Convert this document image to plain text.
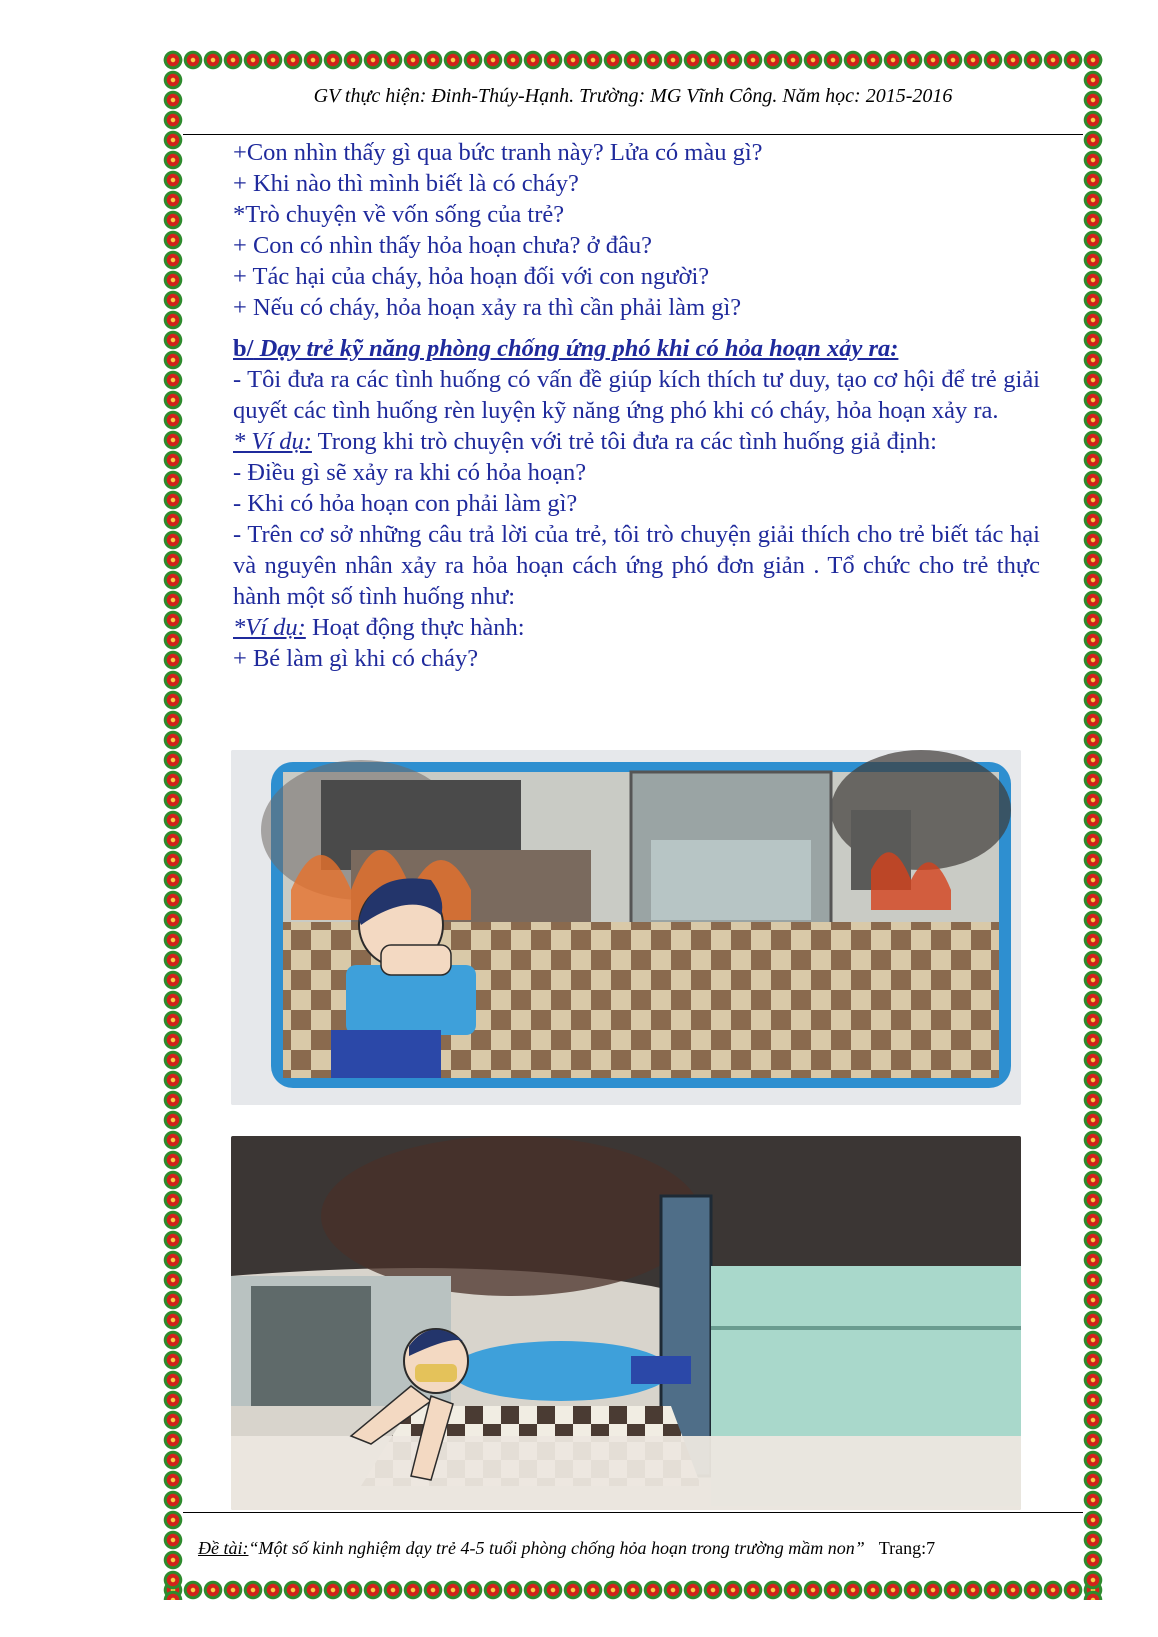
GV thực hiện: Đinh-Thúy-Hạnh. Trường: MG Vĩnh Công. Năm học: 2015-2016

+Con nhìn thấy gì qua bức tranh này? Lửa có màu gì?

+ Khi nào thì mình biết là có cháy?

*Trò chuyện về vốn sống của trẻ?

+ Con có nhìn thấy hỏa hoạn chưa? ở đâu?

+ Tác hại của cháy, hỏa hoạn đối với con người?

+ Nếu có cháy, hỏa hoạn xảy ra thì cần phải làm gì?

b/ Dạy trẻ kỹ năng phòng chống ứng phó khi có hỏa hoạn xảy ra:

- Tôi đưa ra các tình huống có vấn đề giúp kích thích tư duy, tạo cơ hội để trẻ giải quyết các tình huống rèn luyện kỹ năng ứng phó khi có cháy, hỏa hoạn xảy ra.

* Ví dụ: Trong khi trò chuyện với trẻ tôi đưa ra các tình huống giả định:

- Điều gì sẽ xảy ra khi có hỏa hoạn?

- Khi có hỏa hoạn con phải làm gì?

- Trên cơ sở những câu trả lời của trẻ, tôi trò chuyện giải thích cho trẻ biết tác hại và nguyên nhân xảy ra hỏa hoạn cách ứng phó đơn giản . Tổ chức cho trẻ thực hành một số tình huống như:

*Ví dụ: Hoạt động thực hành:

+ Bé làm gì khi có cháy?

Đề tài:“Một số kinh nghiệm dạy trẻ 4-5 tuổi phòng chống hỏa hoạn trong trường mầm non” Trang:7
